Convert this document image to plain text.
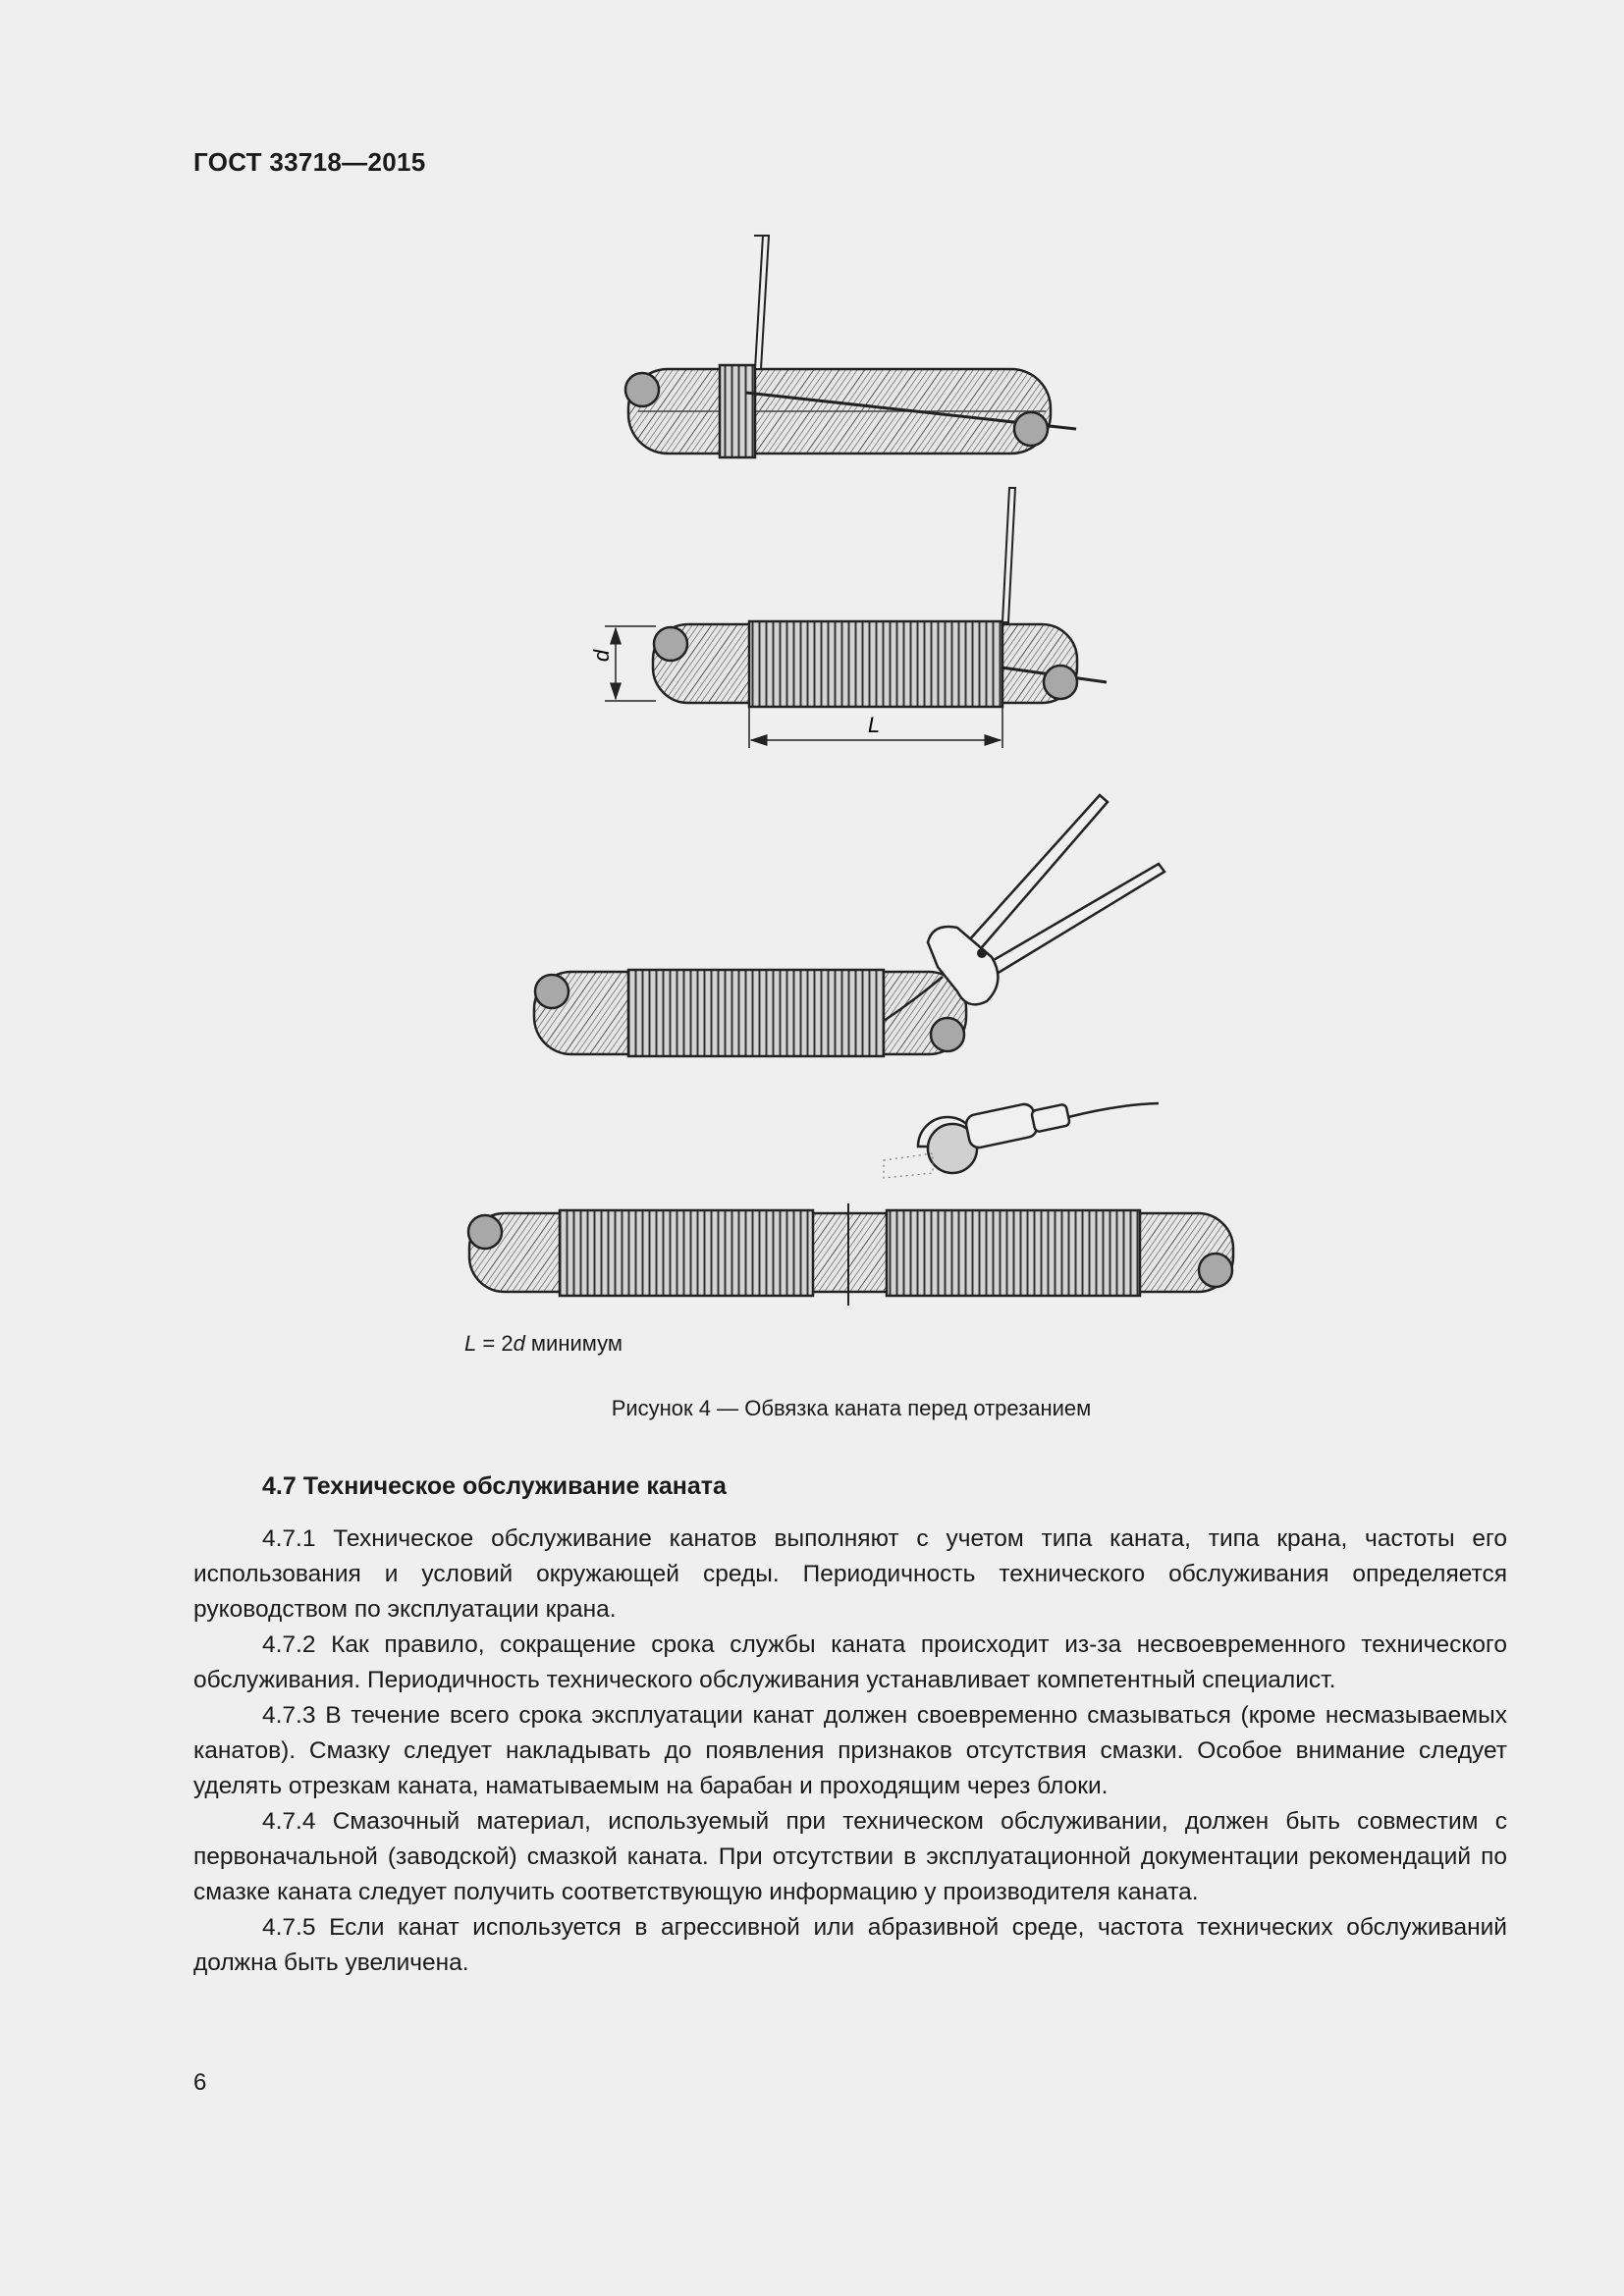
ГОСТ 33718—2015
d
L
L = 2d минимум
Рисунок 4 — Обвязка каната перед отрезанием
4.7 Техническое обслуживание каната

4.7.1 Техническое обслуживание канатов выполняют с учетом типа каната, типа крана, частоты его использования и условий окружающей среды. Периодичность технического обслуживания определяется руководством по эксплуатации крана.

4.7.2 Как правило, сокращение срока службы каната происходит из-за несвоевременного технического обслуживания. Периодичность технического обслуживания устанавливает компетентный специалист.

4.7.3 В течение всего срока эксплуатации канат должен своевременно смазываться (кроме несмазываемых канатов). Смазку следует накладывать до появления признаков отсутствия смазки. Особое внимание следует уделять отрезкам каната, наматываемым на барабан и проходящим через блоки.

4.7.4 Смазочный материал, используемый при техническом обслуживании, должен быть совместим с первоначальной (заводской) смазкой каната. При отсутствии в эксплуатационной документации рекомендаций по смазке каната следует получить соответствующую информацию у производителя каната.

4.7.5 Если канат используется в агрессивной или абразивной среде, частота технических обслуживаний должна быть увеличена.

6
